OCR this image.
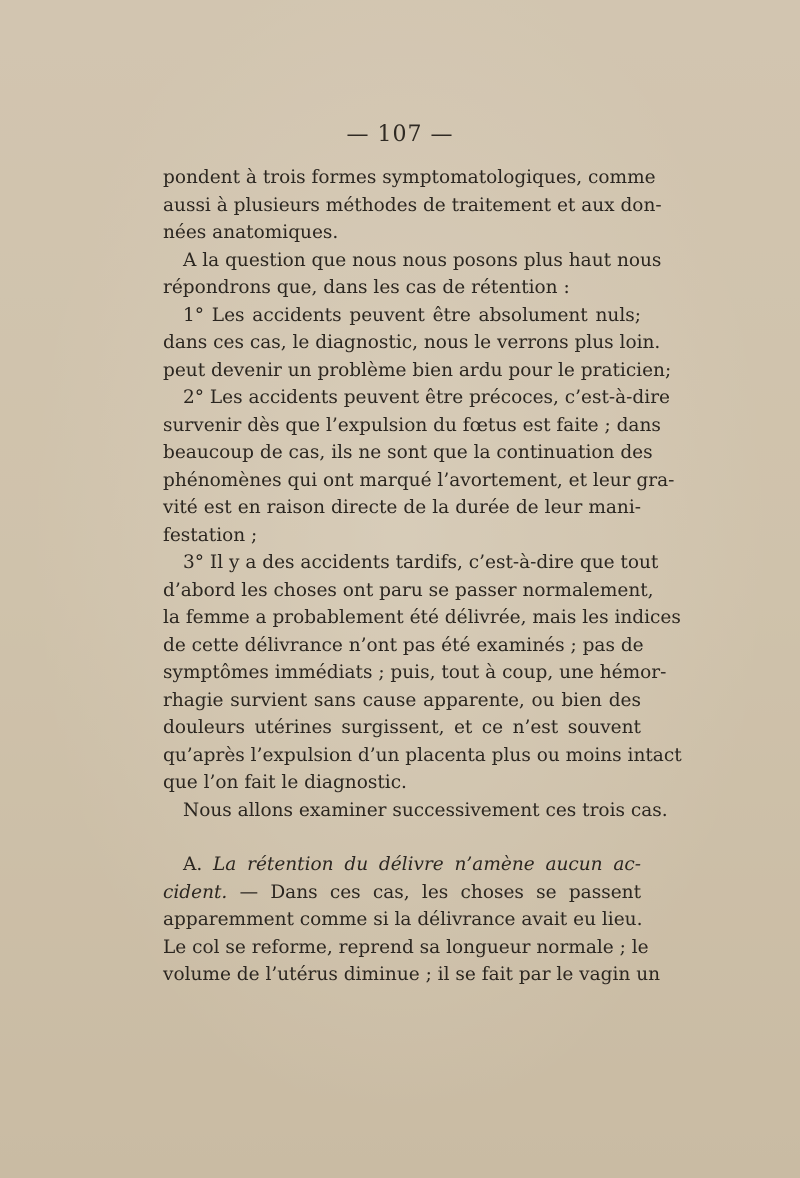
— 107 —
pondent à trois formes symptomatologiques, comme
aussi à plusieurs méthodes de traitement et aux don-
nées anatomiques.
A la question que nous nous posons plus haut nous
répondrons que, dans les cas de rétention :
1° Les accidents peuvent être absolument nuls;
dans ces cas, le diagnostic, nous le verrons plus loin.
peut devenir un problème bien ardu pour le praticien;
2° Les accidents peuvent être précoces, c’est-à-dire
survenir dès que l’expulsion du fœtus est faite ; dans
beaucoup de cas, ils ne sont que la continuation des
phénomènes qui ont marqué l’avortement, et leur gra-
vité est en raison directe de la durée de leur mani-
festation ;
3° Il y a des accidents tardifs, c’est-à-dire que tout
d’abord les choses ont paru se passer normalement,
la femme a probablement été délivrée, mais les indices
de cette délivrance n’ont pas été examinés ; pas de
symptômes immédiats ; puis, tout à coup, une hémor-
rhagie survient sans cause apparente, ou bien des
douleurs utérines surgissent, et ce n’est souvent
qu’après l’expulsion d’un placenta plus ou moins intact
que l’on fait le diagnostic.
Nous allons examiner successivement ces trois cas.
A. La rétention du délivre n’amène aucun ac-
cident. — Dans ces cas, les choses se passent
apparemment comme si la délivrance avait eu lieu.
Le col se reforme, reprend sa longueur normale ; le
volume de l’utérus diminue ; il se fait par le vagin un
